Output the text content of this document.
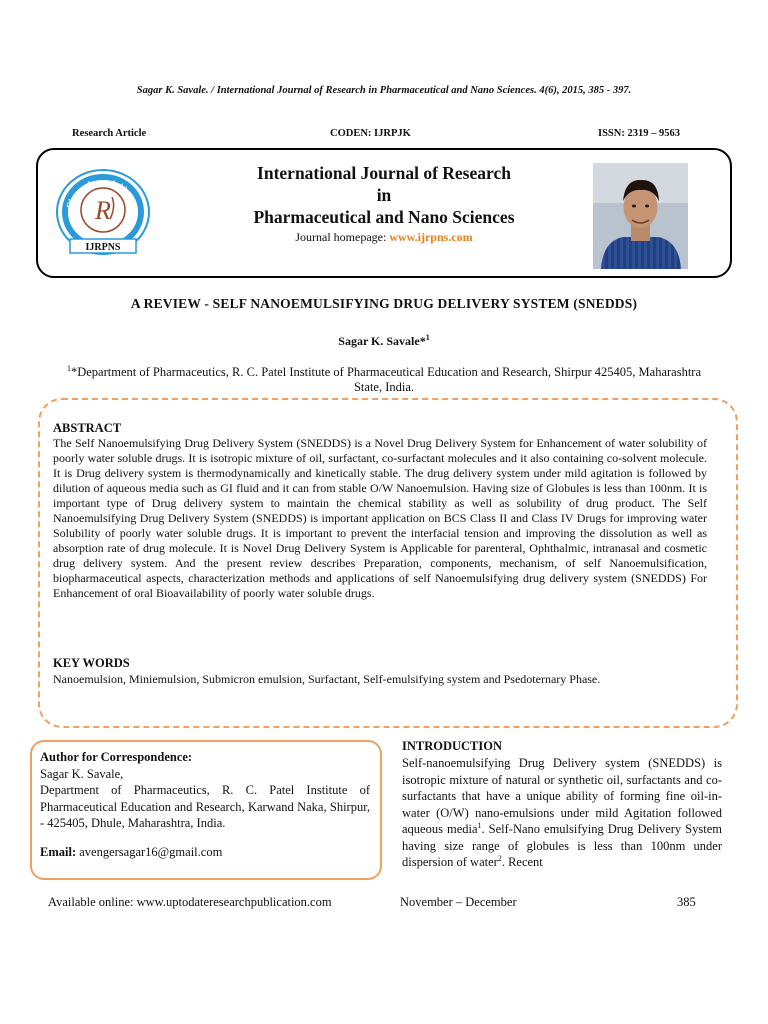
Sagar K. Savale. / International Journal of Research in Pharmaceutical and Nano Sciences. 4(6), 2015, 385 - 397.
Research Article	CODEN: IJRPJK	ISSN: 2319 – 9563
Observe Learn Achieve
R
IJRPNS
International Journal of Research
in
Pharmaceutical and Nano Sciences
Journal homepage: www.ijrpns.com
A REVIEW - SELF NANOEMULSIFYING DRUG DELIVERY SYSTEM (SNEDDS)
Sagar K. Savale*$^1$
$^1$*Department of Pharmaceutics, R. C. Patel Institute of Pharmaceutical Education and Research, Shirpur 425405, Maharashtra State, India.
ABSTRACT
The Self Nanoemulsifying Drug Delivery System (SNEDDS) is a Novel Drug Delivery System for Enhancement of water solubility of poorly water soluble drugs. It is isotropic mixture of oil, surfactant, co-surfactant molecules and it also containing co-solvent molecule. It is Drug delivery system is thermodynamically and kinetically stable. The drug delivery system under mild agitation is followed by dilution of aqueous media such as GI fluid and it can from stable O/W Nanoemulsion. Having size of Globules is less than 100nm. It is important type of Drug delivery system to maintain the chemical stability as well as solubility of drug product. The Self Nanoemulsifying Drug Delivery System (SNEDDS) is important application on BCS Class II and Class IV Drugs for improving water Solubility of poorly water soluble drugs. It is important to prevent the interfacial tension and improving the dissolution as well as absorption rate of drug molecule. It is Novel Drug Delivery System is Applicable for parenteral, Ophthalmic, intranasal and cosmetic drug delivery system. And the present review describes Preparation, components, mechanism, of self Nanoemulsification, biopharmaceutical aspects, characterization methods and applications of self Nanoemulsifying drug delivery system (SNEDDS) For Enhancement of oral Bioavailability of poorly water soluble drugs.
KEY WORDS
Nanoemulsion, Miniemulsion, Submicron emulsion, Surfactant, Self-emulsifying system and Psedoternary Phase.
Author for Correspondence:
Sagar K. Savale,
Department of Pharmaceutics, R. C. Patel Institute of Pharmaceutical Education and Research, Karwand Naka, Shirpur, - 425405, Dhule, Maharashtra, India.
Email: avengersagar16@gmail.com
INTRODUCTION
Self-nanoemulsifying Drug Delivery system (SNEDDS) is isotropic mixture of natural or synthetic oil, surfactants and co-surfactants that have a unique ability of forming fine oil-in-water (O/W) nano-emulsions under mild Agitation followed aqueous media$^1$. Self-Nano emulsifying Drug Delivery System having size range of globules is less than 100nm under dispersion of water$^2$. Recent
Available online: www.uptodateresearchpublication.com	November – December	385
